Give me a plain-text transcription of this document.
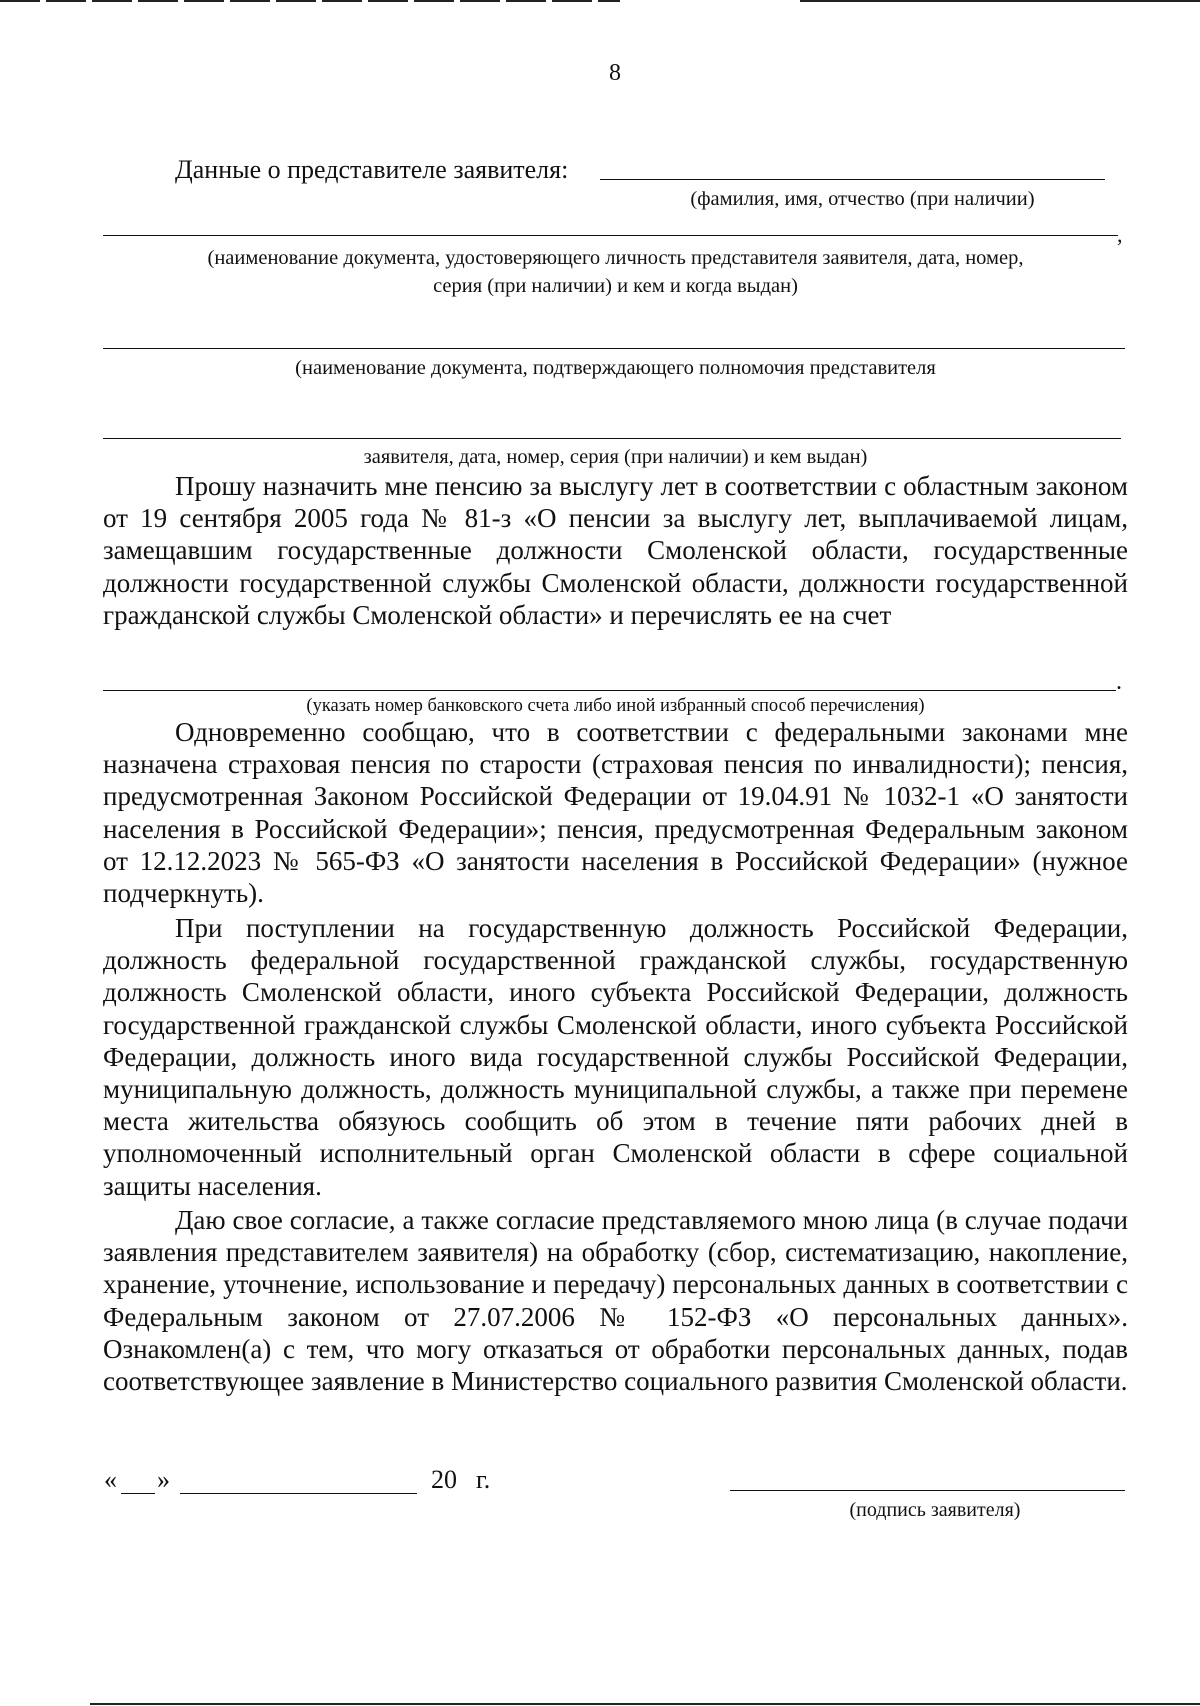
8
Данные о представителе заявителя:
(фамилия, имя, отчество (при наличии)
,
(наименование документа, удостоверяющего личность представителя заявителя, дата, номер,
серия (при наличии) и кем и когда выдан)
(наименование документа, подтверждающего полномочия представителя
заявителя, дата, номер, серия (при наличии) и кем выдан)

Прошу назначить мне пенсию за выслугу лет в соответствии с областным законом от 19 сентября 2005 года № 81-з «О пенсии за выслугу лет, выплачиваемой лицам, замещавшим государственные должности Смоленской области, государственные должности государственной службы Смоленской области, должности государственной гражданской службы Смоленской области» и перечислять ее на счет

.
(указать номер банковского счета либо иной избранный способ перечисления)

Одновременно сообщаю, что в соответствии с федеральными законами мне назначена страховая пенсия по старости (страховая пенсия по инвалидности); пенсия, предусмотренная Законом Российской Федерации от 19.04.91 № 1032-1 «О занятости населения в Российской Федерации»; пенсия, предусмотренная Федеральным законом от 12.12.2023 № 565-ФЗ «О занятости населения в Российской Федерации» (нужное подчеркнуть).

При поступлении на государственную должность Российской Федерации, должность федеральной государственной гражданской службы, государственную должность Смоленской области, иного субъекта Российской Федерации, должность государственной гражданской службы Смоленской области, иного субъекта Российской Федерации, должность иного вида государственной службы Российской Федерации, муниципальную должность, должность муниципальной службы, а также при перемене места жительства обязуюсь сообщить об этом в течение пяти рабочих дней в уполномоченный исполнительный орган Смоленской области в сфере социальной защиты населения.

Даю свое согласие, а также согласие представляемого мною лица (в случае подачи заявления представителем заявителя) на обработку (сбор, систематизацию, накопление, хранение, уточнение, использование и передачу) персональных данных в соответствии с Федеральным законом от 27.07.2006 № 152-ФЗ «О персональных данных». Ознакомлен(а) с тем, что могу отказаться от обработки персональных данных, подав соответствующее заявление в Министерство социального развития Смоленской области.

« »	20 г.
(подпись заявителя)
